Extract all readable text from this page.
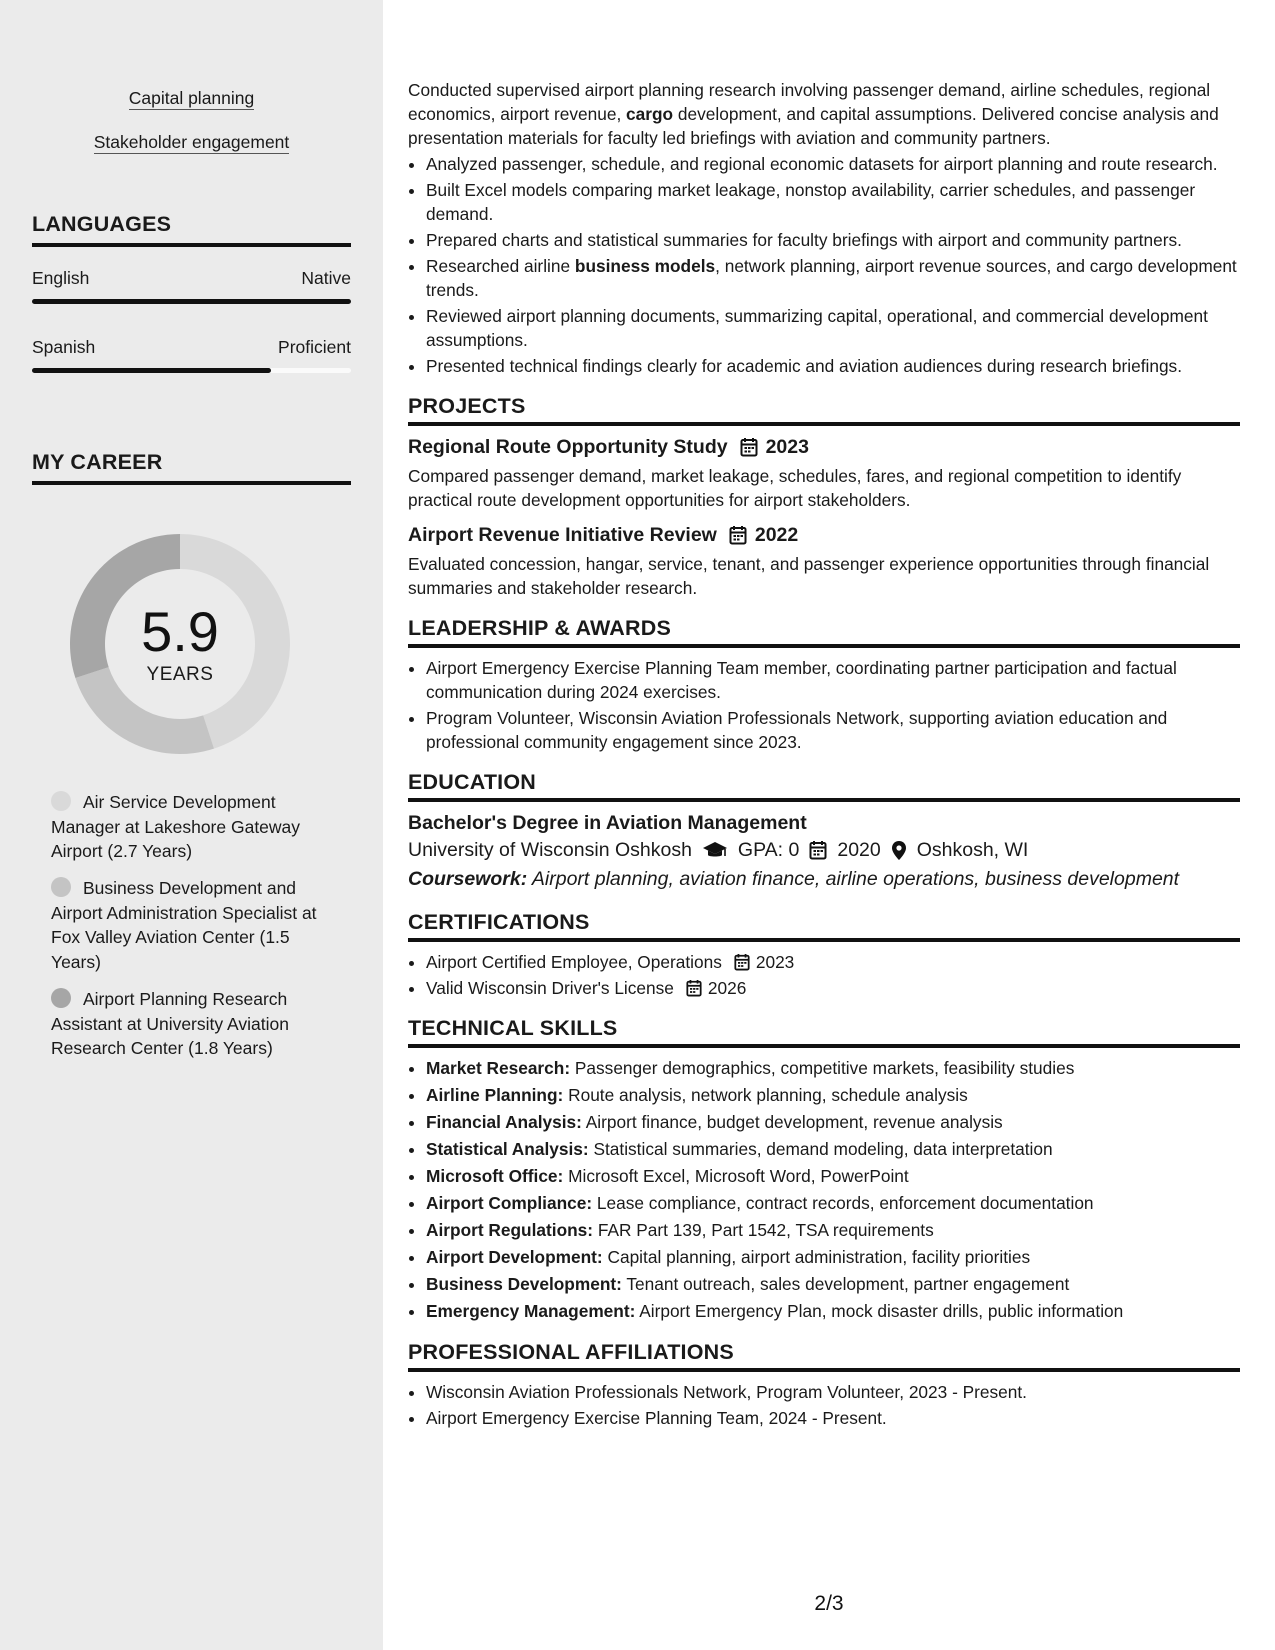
Capital planning
Stakeholder engagement
LANGUAGES
English	Native
Spanish	Proficient
MY CAREER
5.9
YEARS
Air Service Development Manager at Lakeshore Gateway Airport (2.7 Years)
Business Development and Airport Administration Specialist at Fox Valley Aviation Center (1.5 Years)
Airport Planning Research Assistant at University Aviation Research Center (1.8 Years)

Conducted supervised airport planning research involving passenger demand, airline schedules, regional economics, airport revenue, cargo development, and capital assumptions. Delivered concise analysis and presentation materials for faculty led briefings with aviation and community partners.

• Analyzed passenger, schedule, and regional economic datasets for airport planning and route research.
• Built Excel models comparing market leakage, nonstop availability, carrier schedules, and passenger demand.
• Prepared charts and statistical summaries for faculty briefings with airport and community partners.
• Researched airline business models, network planning, airport revenue sources, and cargo development trends.
• Reviewed airport planning documents, summarizing capital, operational, and commercial development assumptions.
• Presented technical findings clearly for academic and aviation audiences during research briefings.
PROJECTS
Regional Route Opportunity Study 2023

Compared passenger demand, market leakage, schedules, fares, and regional competition to identify practical route development opportunities for airport stakeholders.

Airport Revenue Initiative Review 2022

Evaluated concession, hangar, service, tenant, and passenger experience opportunities through financial summaries and stakeholder research.

LEADERSHIP & AWARDS
• Airport Emergency Exercise Planning Team member, coordinating partner participation and factual communication during 2024 exercises.
• Program Volunteer, Wisconsin Aviation Professionals Network, supporting aviation education and professional community engagement since 2023.
EDUCATION
Bachelor's Degree in Aviation Management
University of Wisconsin Oshkosh GPA: 0 2020 Oshkosh, WI
Coursework: Airport planning, aviation finance, airline operations, business development
CERTIFICATIONS
• Airport Certified Employee, Operations 2023
• Valid Wisconsin Driver's License 2026
TECHNICAL SKILLS
• Market Research: Passenger demographics, competitive markets, feasibility studies
• Airline Planning: Route analysis, network planning, schedule analysis
• Financial Analysis: Airport finance, budget development, revenue analysis
• Statistical Analysis: Statistical summaries, demand modeling, data interpretation
• Microsoft Office: Microsoft Excel, Microsoft Word, PowerPoint
• Airport Compliance: Lease compliance, contract records, enforcement documentation
• Airport Regulations: FAR Part 139, Part 1542, TSA requirements
• Airport Development: Capital planning, airport administration, facility priorities
• Business Development: Tenant outreach, sales development, partner engagement
• Emergency Management: Airport Emergency Plan, mock disaster drills, public information
PROFESSIONAL AFFILIATIONS
• Wisconsin Aviation Professionals Network, Program Volunteer, 2023 - Present.
• Airport Emergency Exercise Planning Team, 2024 - Present.
2/3
